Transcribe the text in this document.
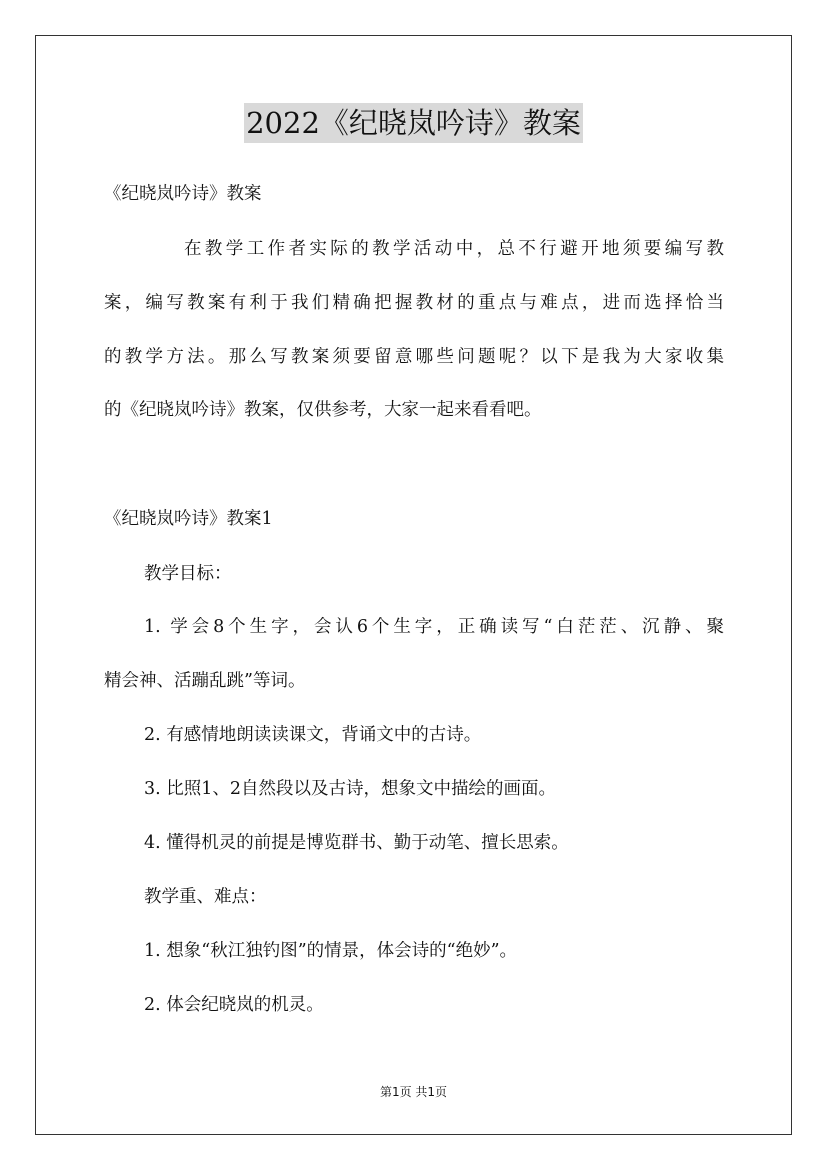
2022《纪晓岚吟诗》教案
《纪晓岚吟诗》教案
在教学工作者实际的教学活动中，总不行避开地须要编写教
案，编写教案有利于我们精确把握教材的重点与难点，进而选择恰当
的教学方法。那么写教案须要留意哪些问题呢？以下是我为大家收集
的《纪晓岚吟诗》教案，仅供参考，大家一起来看看吧。
《纪晓岚吟诗》教案1
教学目标：
1. 学会8个生字，会认6个生字，正确读写“白茫茫、沉静、聚
精会神、活蹦乱跳”等词。
2. 有感情地朗读读课文，背诵文中的古诗。
3. 比照1、2自然段以及古诗，想象文中描绘的画面。
4. 懂得机灵的前提是博览群书、勤于动笔、擅长思索。
教学重、难点：
1. 想象“秋江独钓图”的情景，体会诗的“绝妙”。
2. 体会纪晓岚的机灵。
第1页 共1页
